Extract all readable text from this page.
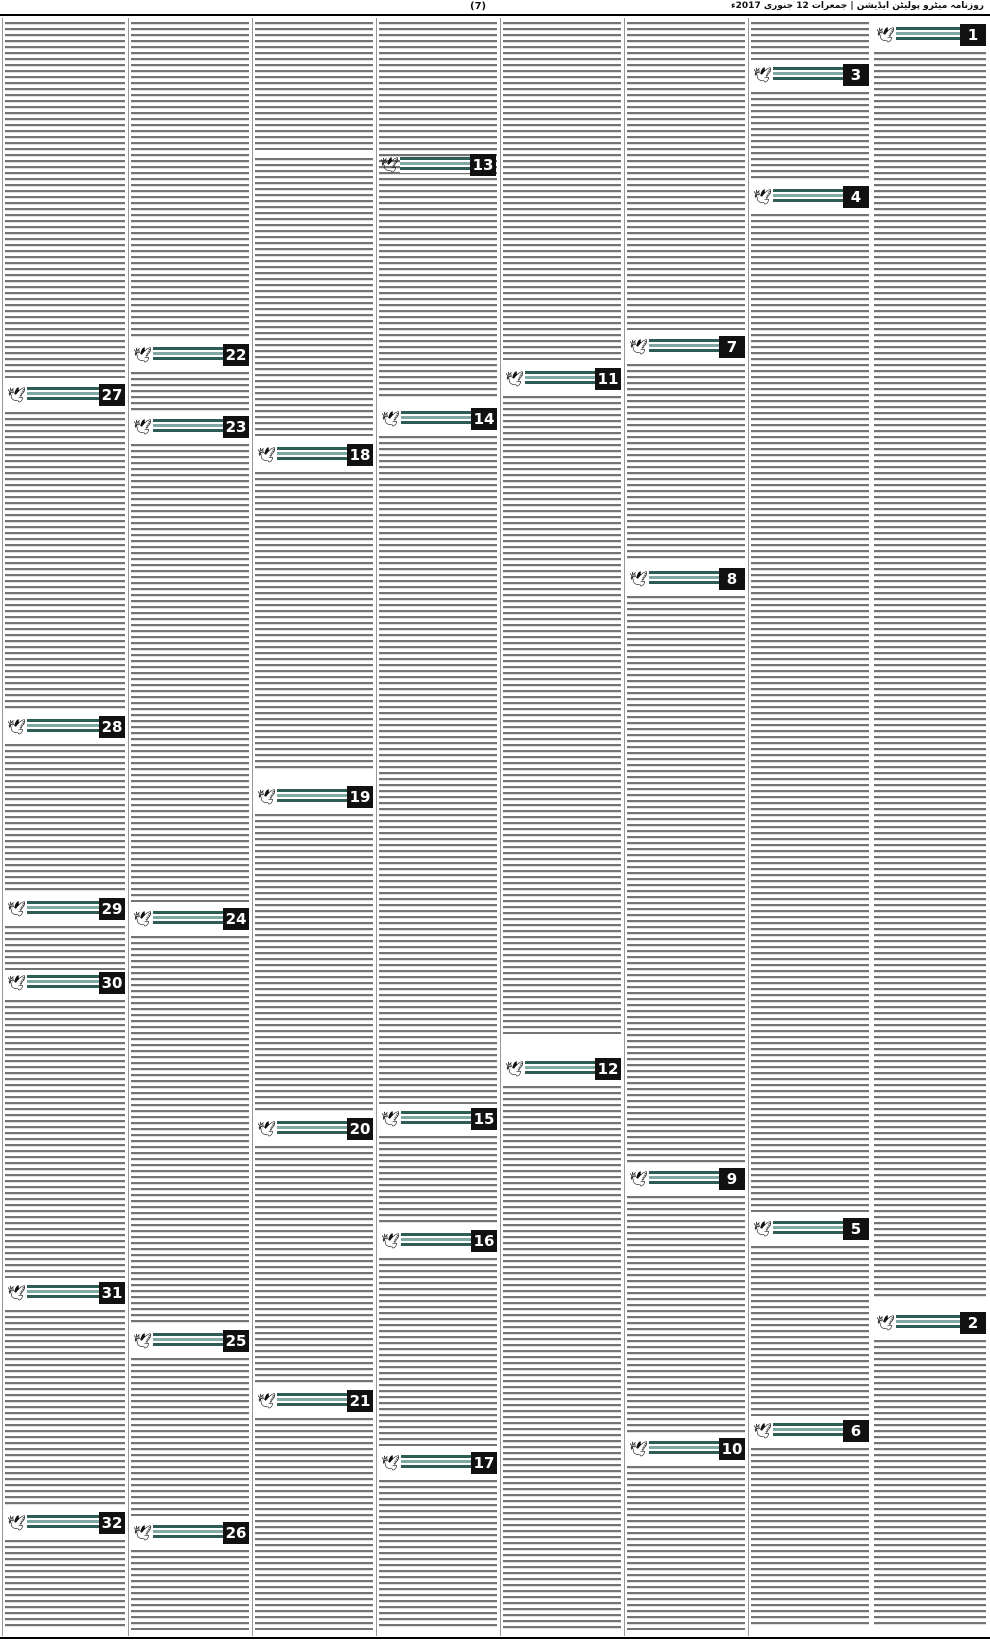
(7)	روزنامہ میٹرو پولیٹن ایڈیشن | جمعرات 12 جنوری 2017ء
🕊	1
🕊	2
🕊	3
🕊	4
🕊	5
🕊	6
🕊	7
🕊	8
🕊	9
🕊	10
🕊	11
🕊	12
🕊	14
🕊	15
🕊	16
🕊	17
🕊	18
🕊	19
🕊	20
🕊	21
🕊	13
🕊	22
🕊	23
🕊	24
🕊	25
🕊	26
🕊	27
🕊	28
🕊	29
🕊	30
🕊	31
🕊	32
